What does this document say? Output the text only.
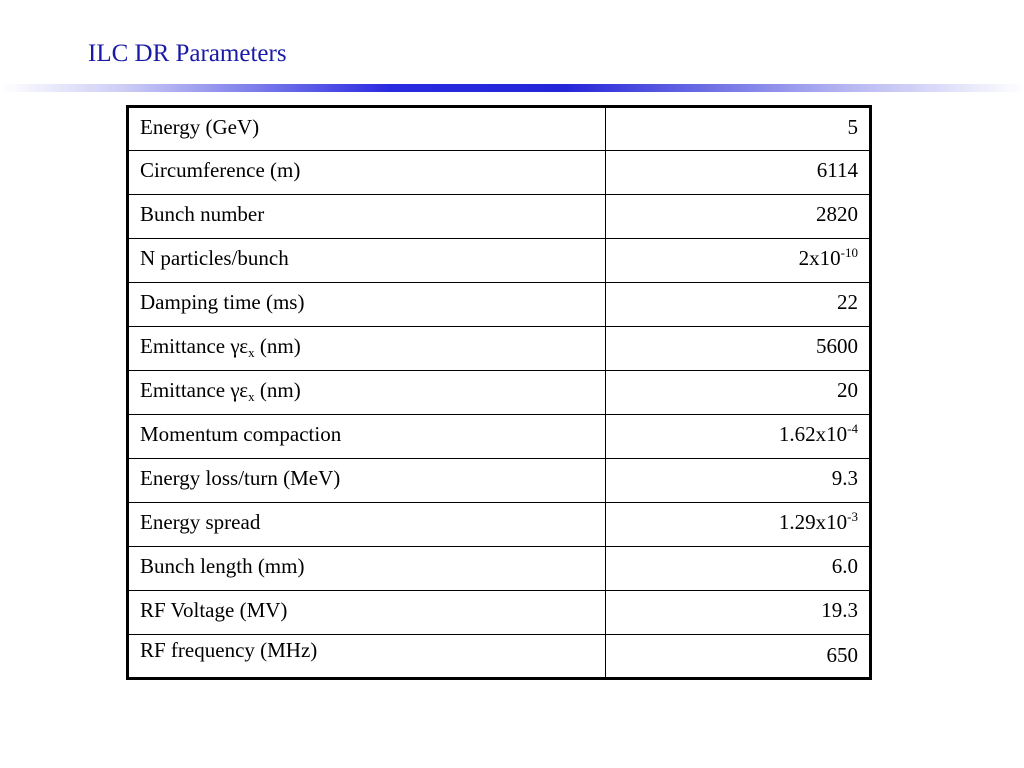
ILC DR Parameters
Energy (GeV)	5
Circumference (m)	6114
Bunch number	2820
N particles/bunch	$2x10^{-10}$
Damping time (ms)	22
Emittance $\gamma\varepsilon_x$ (nm)	5600
Emittance $\gamma\varepsilon_x$ (nm)	20
Momentum compaction	$1.62x10^{-4}$
Energy loss/turn (MeV)	9.3
Energy spread	$1.29x10^{-3}$
Bunch length (mm)	6.0
RF Voltage (MV)	19.3
RF frequency (MHz)	650
